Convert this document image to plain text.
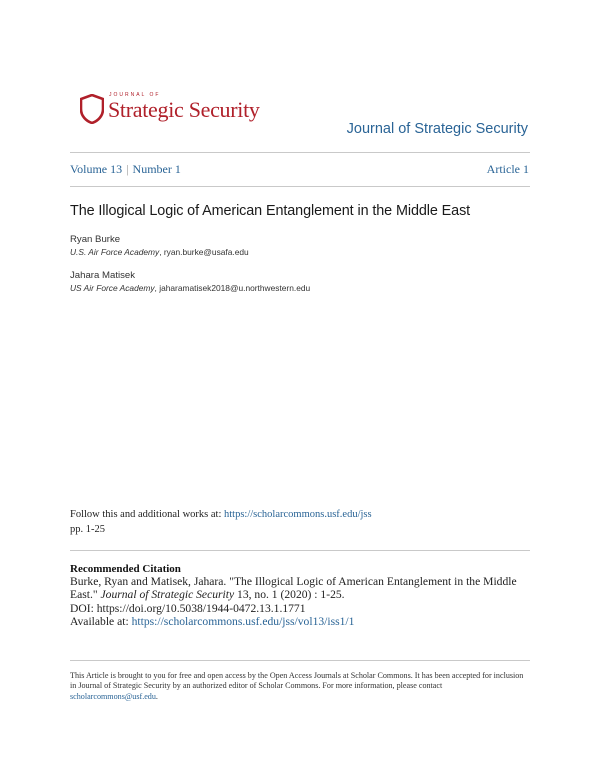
JOURNAL OF
Strategic Security
Journal of Strategic Security
Volume 13 | Number 1	Article 1
The Illogical Logic of American Entanglement in the Middle East
Ryan Burke
U.S. Air Force Academy, ryan.burke@usafa.edu
Jahara Matisek
US Air Force Academy, jaharamatisek2018@u.northwestern.edu
Follow this and additional works at: https://scholarcommons.usf.edu/jss
pp. 1-25
Recommended Citation
Burke, Ryan and Matisek, Jahara. "The Illogical Logic of American Entanglement in the Middle East." Journal of Strategic Security 13, no. 1 (2020) : 1-25.
DOI: https://doi.org/10.5038/1944-0472.13.1.1771
Available at: https://scholarcommons.usf.edu/jss/vol13/iss1/1
This Article is brought to you for free and open access by the Open Access Journals at Scholar Commons. It has been accepted for inclusion in Journal of Strategic Security by an authorized editor of Scholar Commons. For more information, please contact scholarcommons@usf.edu.
